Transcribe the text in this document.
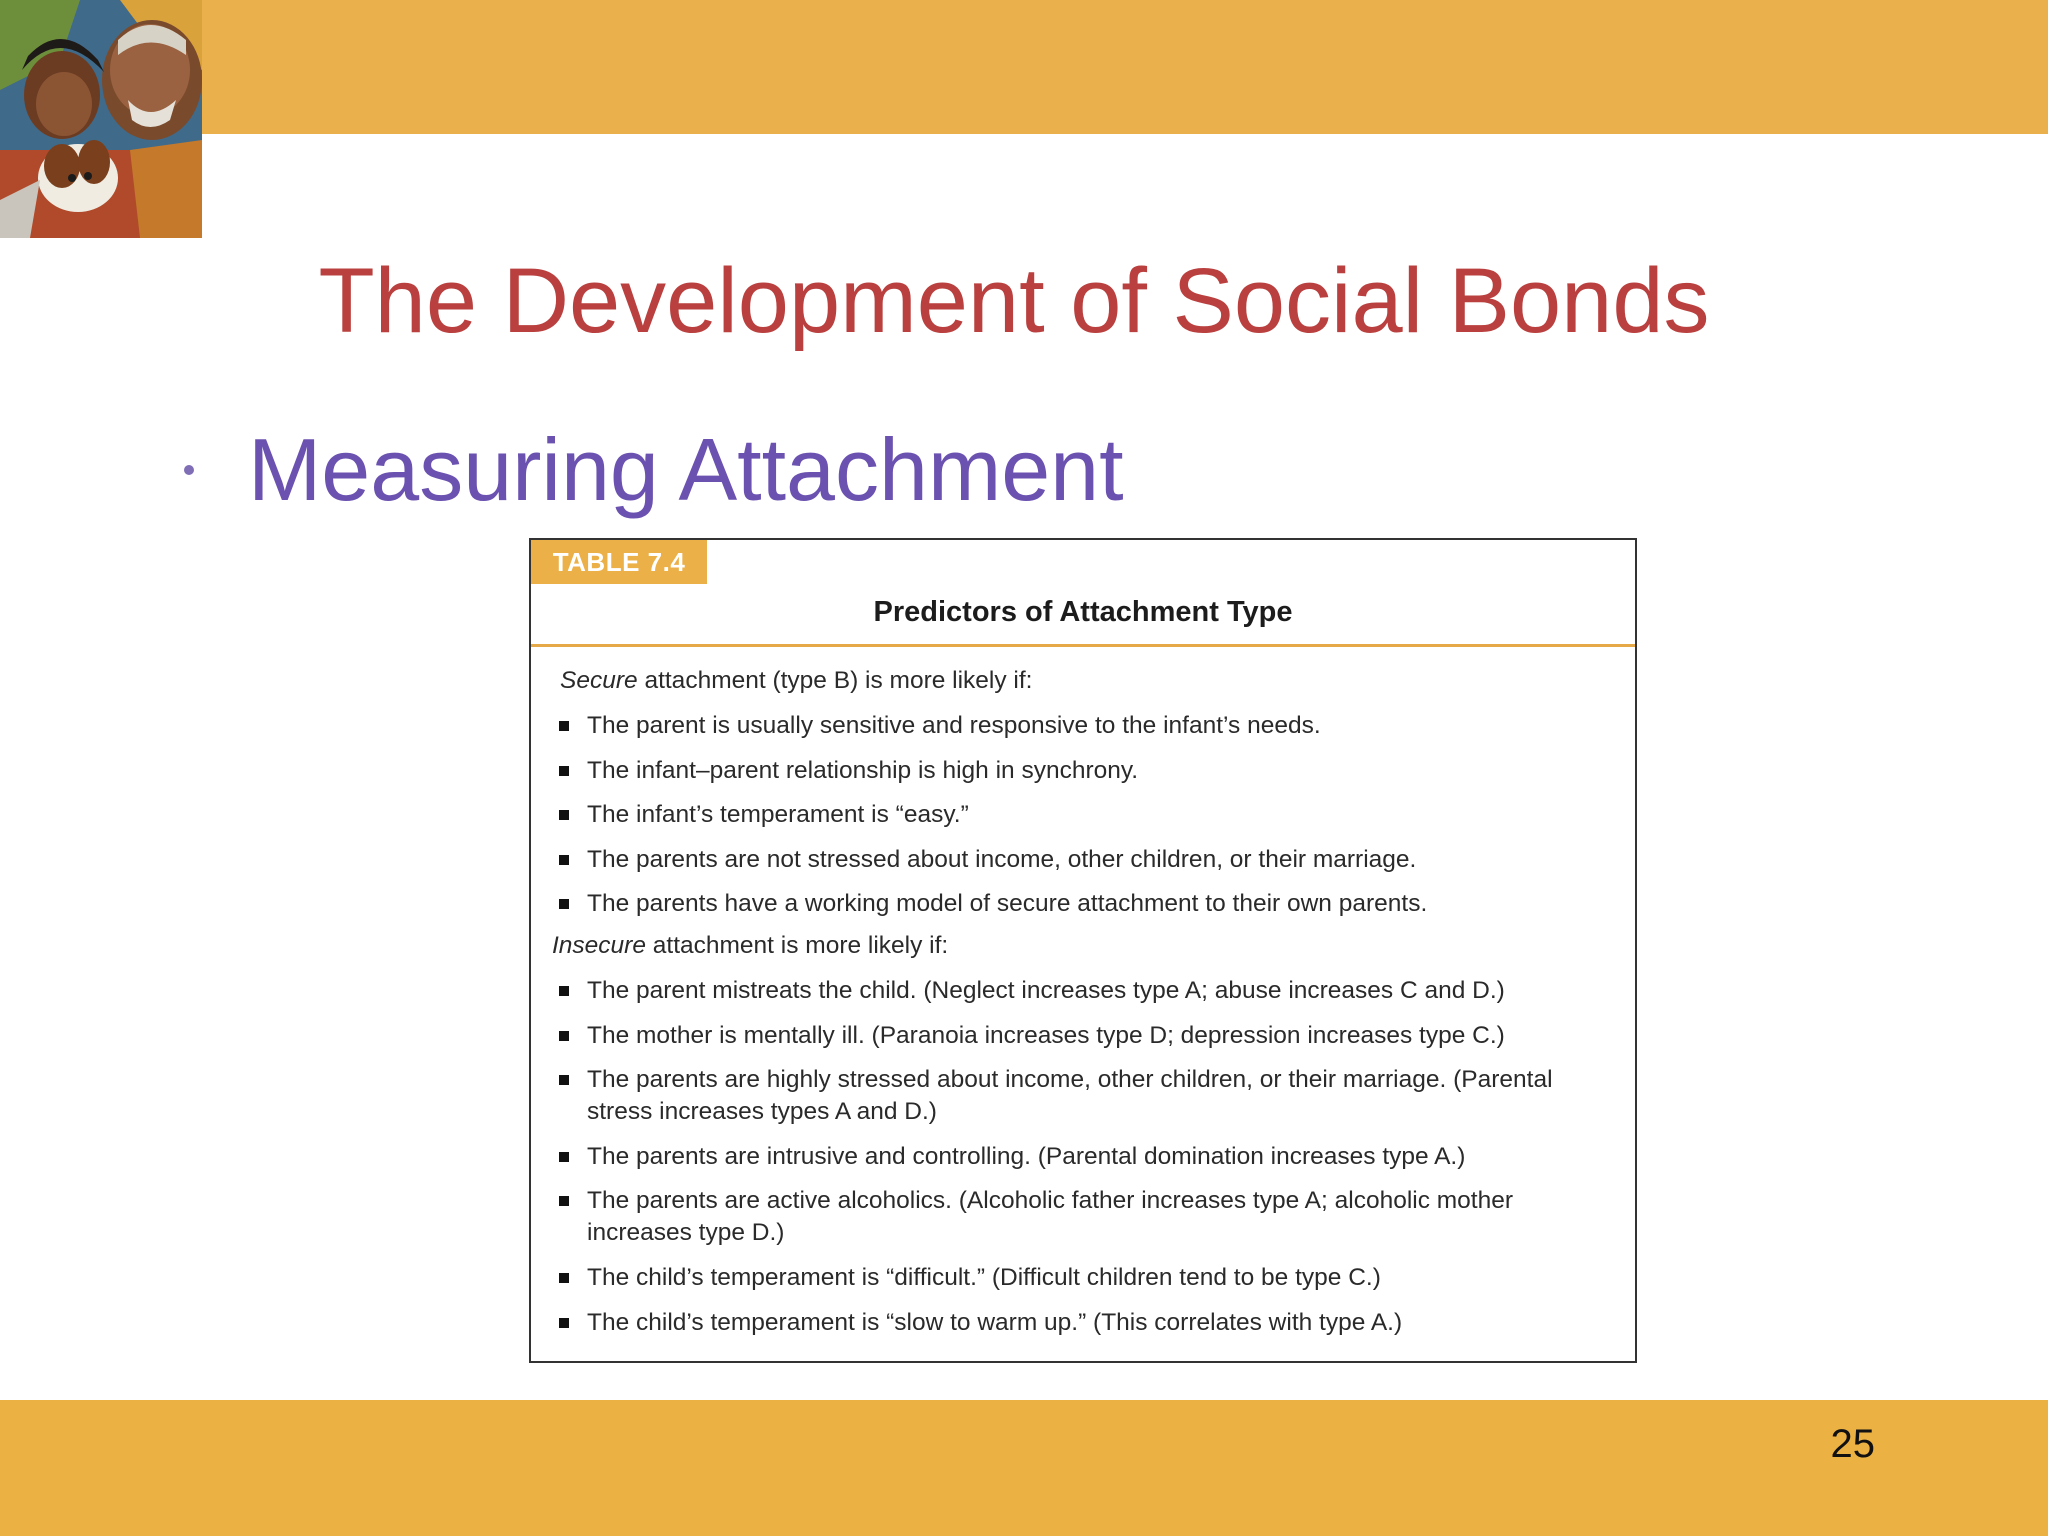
The Development of Social Bonds
Measuring Attachment
TABLE 7.4
Predictors of Attachment Type
Secure attachment (type B) is more likely if:
The parent is usually sensitive and responsive to the infant’s needs.
The infant–parent relationship is high in synchrony.
The infant’s temperament is “easy.”
The parents are not stressed about income, other children, or their marriage.
The parents have a working model of secure attachment to their own parents.
Insecure attachment is more likely if:
The parent mistreats the child. (Neglect increases type A; abuse increases C and D.)
The mother is mentally ill. (Paranoia increases type D; depression increases type C.)
The parents are highly stressed about income, other children, or their marriage. (Parental stress increases types A and D.)
The parents are intrusive and controlling. (Parental domination increases type A.)
The parents are active alcoholics. (Alcoholic father increases type A; alcoholic mother increases type D.)
The child’s temperament is “difficult.” (Difficult children tend to be type C.)
The child’s temperament is “slow to warm up.” (This correlates with type A.)
25
